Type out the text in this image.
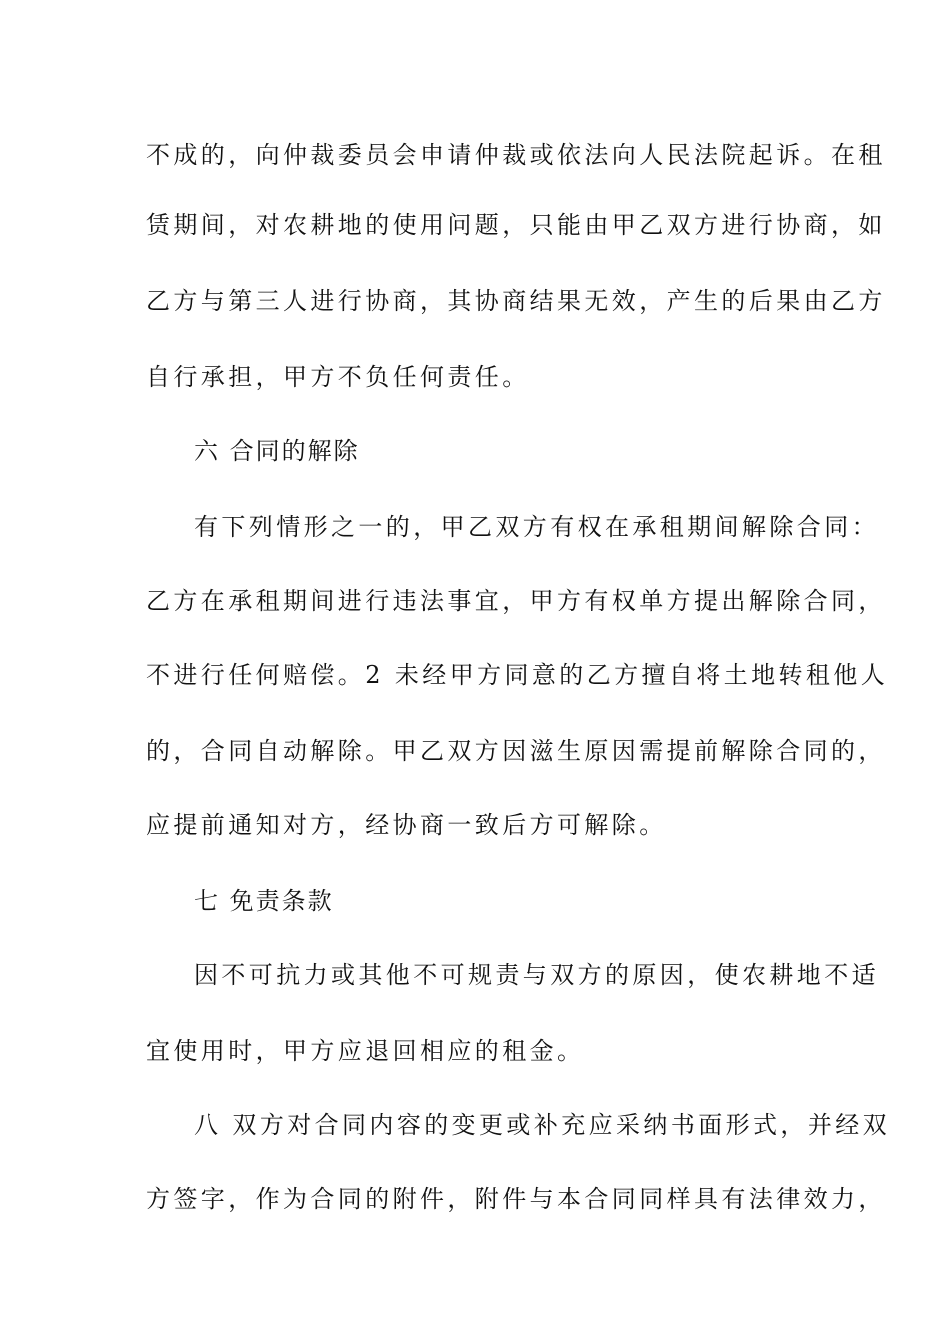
不成的，向仲裁委员会申请仲裁或依法向人民法院起诉。在租
赁期间，对农耕地的使用问题，只能由甲乙双方进行协商，如
乙方与第三人进行协商，其协商结果无效，产生的后果由乙方
自行承担，甲方不负任何责任。
六 合同的解除
有下列情形之一的，甲乙双方有权在承租期间解除合同：
乙方在承租期间进行违法事宜，甲方有权单方提出解除合同，
不进行任何赔偿。2 未经甲方同意的乙方擅自将土地转租他人
的，合同自动解除。甲乙双方因滋生原因需提前解除合同的，
应提前通知对方，经协商一致后方可解除。
七 免责条款
因不可抗力或其他不可规责与双方的原因，使农耕地不适
宜使用时，甲方应退回相应的租金。
八 双方对合同内容的变更或补充应采纳书面形式，并经双
方签字，作为合同的附件，附件与本合同同样具有法律效力，
